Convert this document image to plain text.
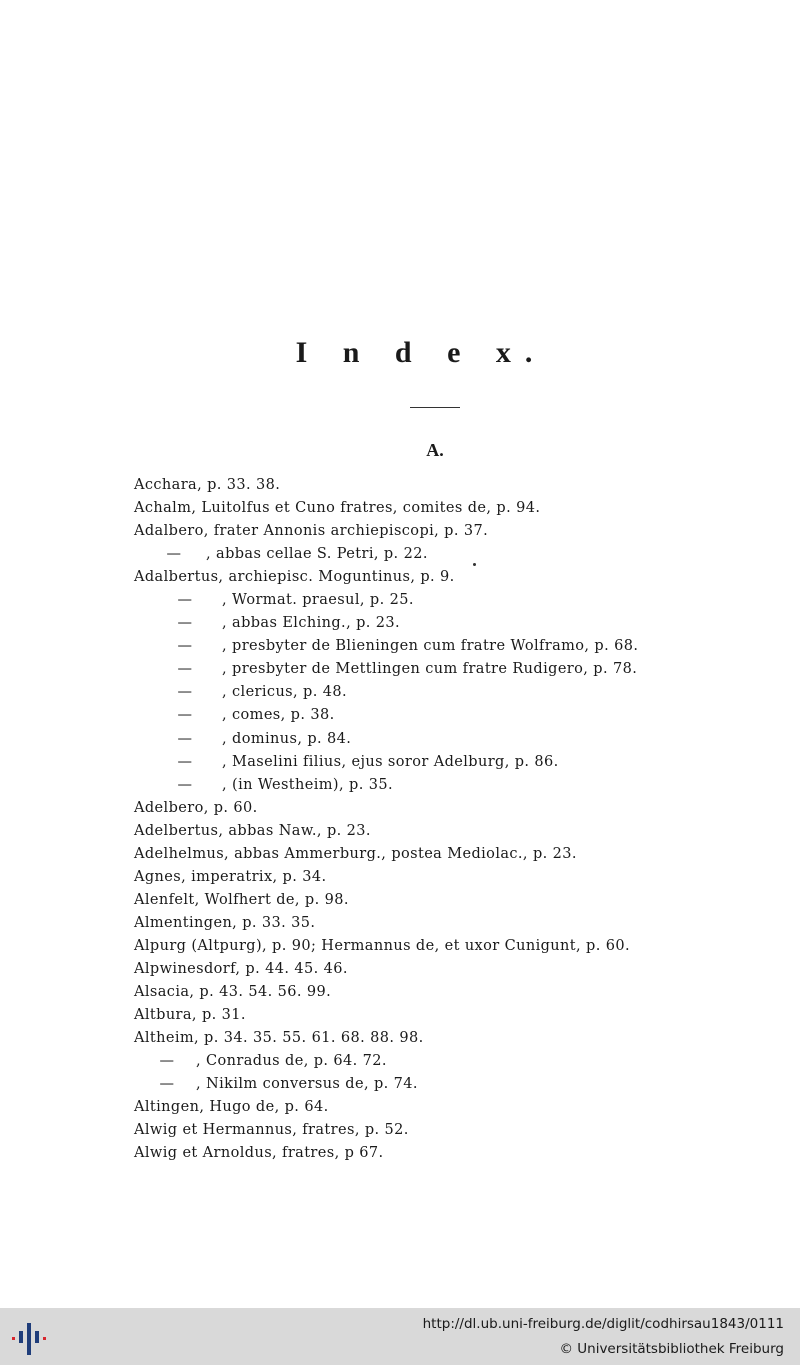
I n d e x.
A.
Acchara, p. 33. 38.
Achalm, Luitolfus et Cuno fratres, comites de, p. 94.
Adalbero, frater Annonis archiepiscopi, p. 37.
— , abbas cellae S. Petri, p. 22.
Adalbertus, archiepisc. Moguntinus, p. 9.
— , Wormat. praesul, p. 25.
— , abbas Elching., p. 23.
— , presbyter de Blieningen cum fratre Wolframo, p. 68.
— , presbyter de Mettlingen cum fratre Rudigero, p. 78.
— , clericus, p. 48.
— , comes, p. 38.
— , dominus, p. 84.
— , Maselini filius, ejus soror Adelburg, p. 86.
— , (in Westheim), p. 35.
Adelbero, p. 60.
Adelbertus, abbas Naw., p. 23.
Adelhelmus, abbas Ammerburg., postea Mediolac., p. 23.
Agnes, imperatrix, p. 34.
Alenfelt, Wolfhert de, p. 98.
Almentingen, p. 33. 35.
Alpurg (Altpurg), p. 90; Hermannus de, et uxor Cunigunt, p. 60.
Alpwinesdorf, p. 44. 45. 46.
Alsacia, p. 43. 54. 56. 99.
Altbura, p. 31.
Altheim, p. 34. 35. 55. 61. 68. 88. 98.
— , Conradus de, p. 64. 72.
— , Nikilm conversus de, p. 74.
Altingen, Hugo de, p. 64.
Alwig et Hermannus, fratres, p. 52.
Alwig et Arnoldus, fratres, p 67.
http://dl.ub.uni-freiburg.de/diglit/codhirsau1843/0111
© Universitätsbibliothek Freiburg
